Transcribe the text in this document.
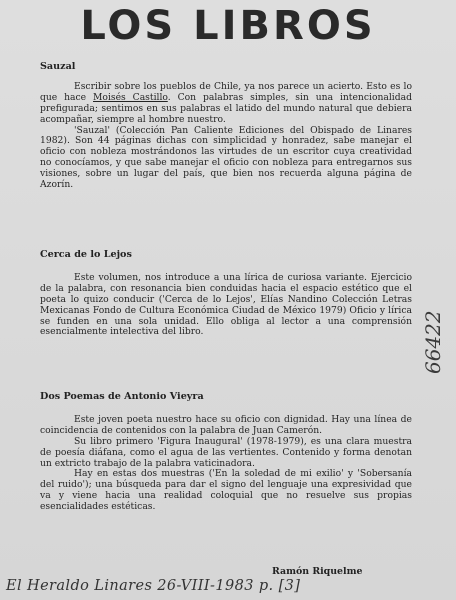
LOS LIBROS

Sauzal

Escribir sobre los pueblos de Chile, ya nos parece un acierto. Esto es lo que hace Moisés Castillo. Con palabras simples, sin una intencionalidad prefigurada; sentimos en sus palabras el latido del mundo natural que debiera acompañar, siempre al hombre nuestro.

'Sauzal' (Colección Pan Caliente Ediciones del Obispado de Linares 1982). Son 44 páginas dichas con simplicidad y honradez, sabe manejar el oficio con nobleza mostrándonos las virtudes de un escritor cuya creatividad no conocíamos, y que sabe manejar el oficio con nobleza para entregarnos sus visiones, sobre un lugar del país, que bien nos recuerda alguna página de Azorín.

Cerca de lo Lejos

Este volumen, nos introduce a una lírica de curiosa variante. Ejercicio de la palabra, con resonancia bien conduidas hacia el espacio estético que el poeta lo quizo conducir ('Cerca de lo Lejos', Elías Nandino Colección Letras Mexicanas Fondo de Cultura Económica Ciudad de México 1979) Oficio y lírica se funden en una sola unidad. Ello obliga al lector a una comprensión esencialmente intelectiva del libro.

Dos Poemas de Antonio Vieyra

Este joven poeta nuestro hace su oficio con dignidad. Hay una línea de coincidencia de contenidos con la palabra de Juan Camerón.

Su libro primero 'Figura Inaugural' (1978-1979), es una clara muestra de poesía diáfana, como el agua de las vertientes. Contenido y forma denotan un extricto trabajo de la palabra vaticinadora.

Hay en estas dos muestras ('En la soledad de mi exilio' y 'Sobersanía del ruido'); una búsqueda para dar el signo del lenguaje una expresividad que va y viene hacia una realidad coloquial que no resuelve sus propias esencialidades estéticas.

Ramón Riquelme
66422
El Heraldo Linares 26-VIII-1983 p. [3]
